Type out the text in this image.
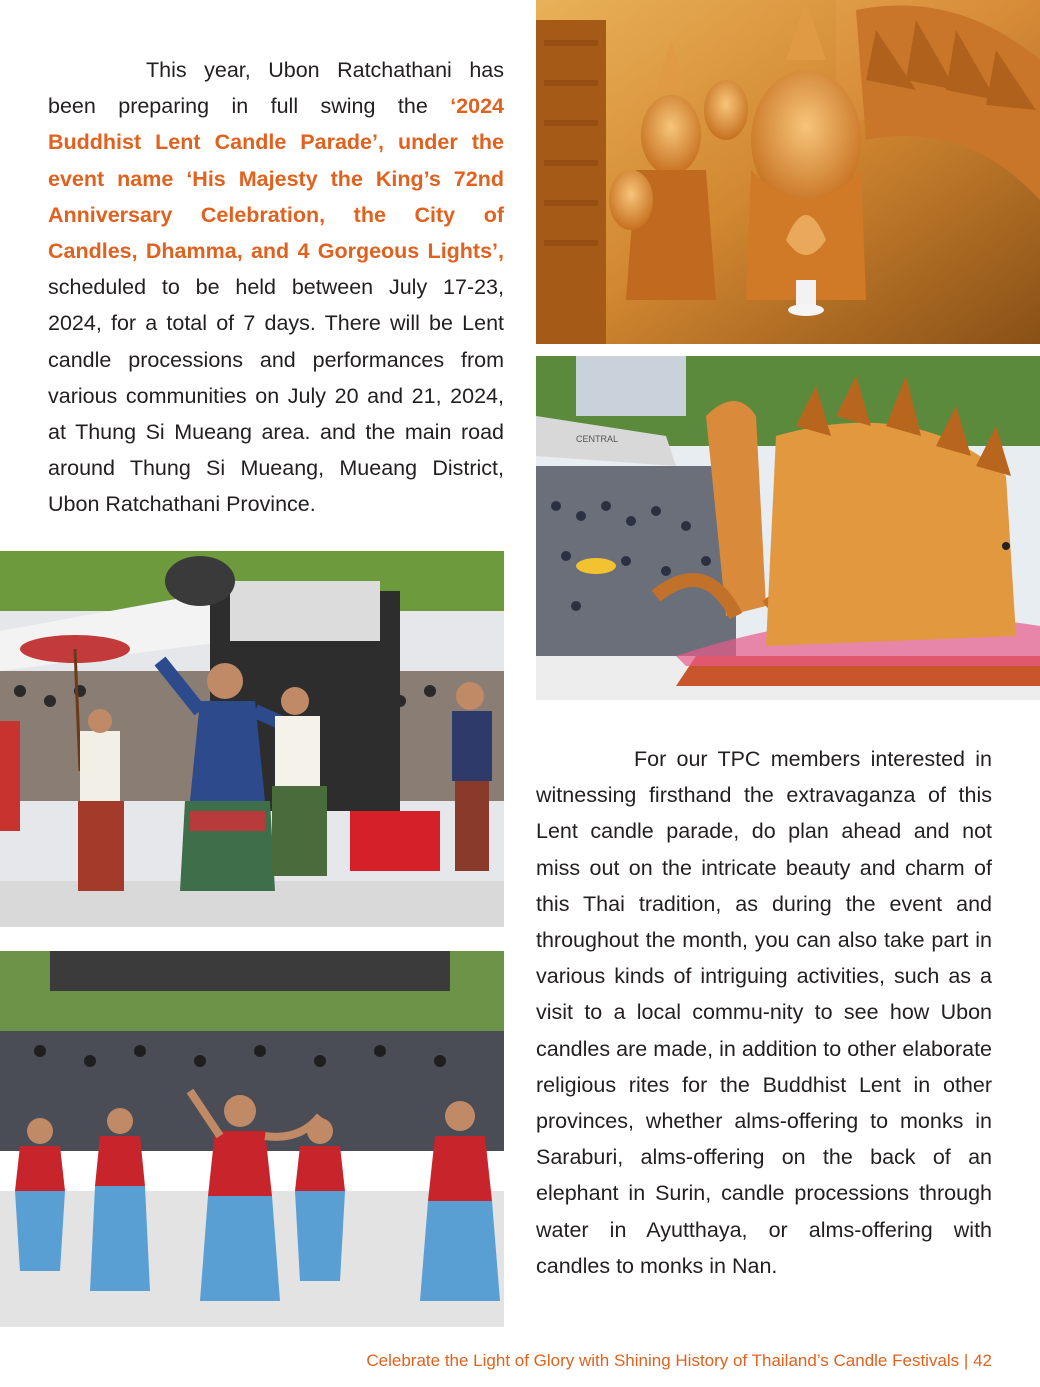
This year, Ubon Ratchathani has been preparing in full swing the ‘2024 Buddhist Lent Candle Parade’, under the event name ‘His Majesty the King’s 72nd Anniversary Celebration, the City of Candles, Dhamma, and 4 Gorgeous Lights’, scheduled to be held between July 17-23, 2024, for a total of 7 days. There will be Lent candle processions and performances from various communities on July 20 and 21, 2024, at Thung Si Mueang area. and the main road around Thung Si Mueang, Mueang District, Ubon Ratchathani Province.

CENTRAL

For our TPC members interested in witnessing firsthand the extravaganza of this Lent candle parade, do plan ahead and not miss out on the intricate beauty and charm of this Thai tradition, as during the event and throughout the month, you can also take part in various kinds of intriguing activities, such as a visit to a local commu-nity to see how Ubon candles are made, in addition to other elaborate religious rites for the Buddhist Lent in other provinces, whether alms-offering to monks in Saraburi, alms-offering on the back of an elephant in Surin, candle processions through water in Ayutthaya, or alms-offering with candles to monks in Nan.

Celebrate the Light of Glory with Shining History of Thailand’s Candle Festivals | 42
